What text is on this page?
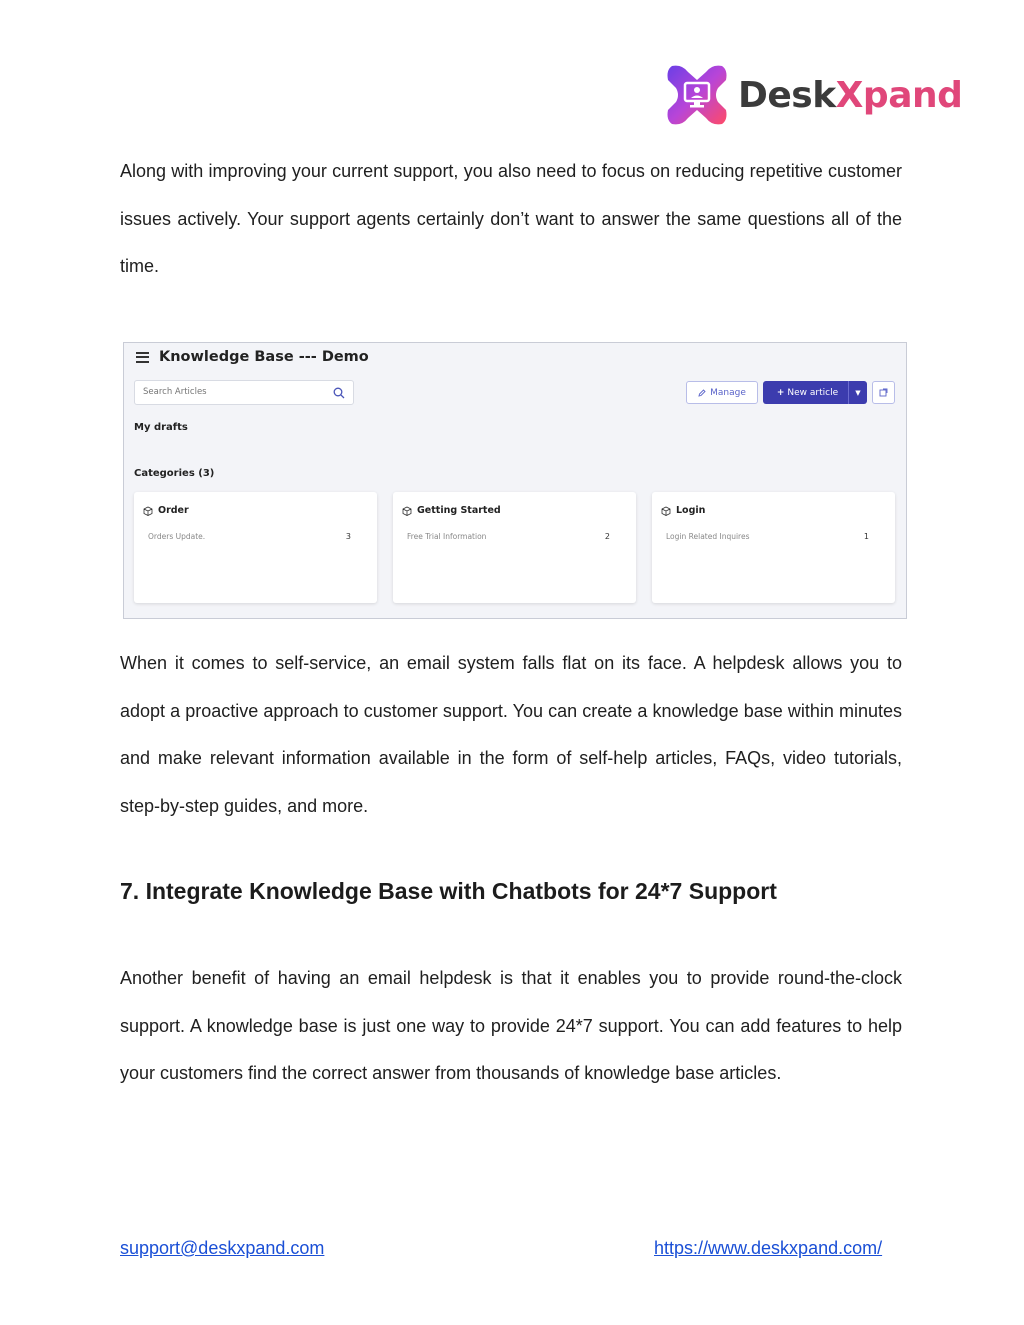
DeskXpand

Along with improving your current support, you also need to focus on reducing repetitive customer issues actively. Your support agents certainly don’t want to answer the same questions all of the time.

Knowledge Base --- Demo
Search Articles
Manage	+ New article	▼
My drafts
Categories (3)
Order
Orders Update.	3
Getting Started
Free Trial Information	2
Login
Login Related Inquires	1

When it comes to self-service, an email system falls flat on its face. A helpdesk allows you to adopt a proactive approach to customer support. You can create a knowledge base within minutes and make relevant information available in the form of self-help articles, FAQs, video tutorials, step-by-step guides, and more.

7. Integrate Knowledge Base with Chatbots for 24*7 Support

Another benefit of having an email helpdesk is that it enables you to provide round-the-clock support. A knowledge base is just one way to provide 24*7 support. You can add features to help your customers find the correct answer from thousands of knowledge base articles.

support@deskxpand.com	https://www.deskxpand.com/
